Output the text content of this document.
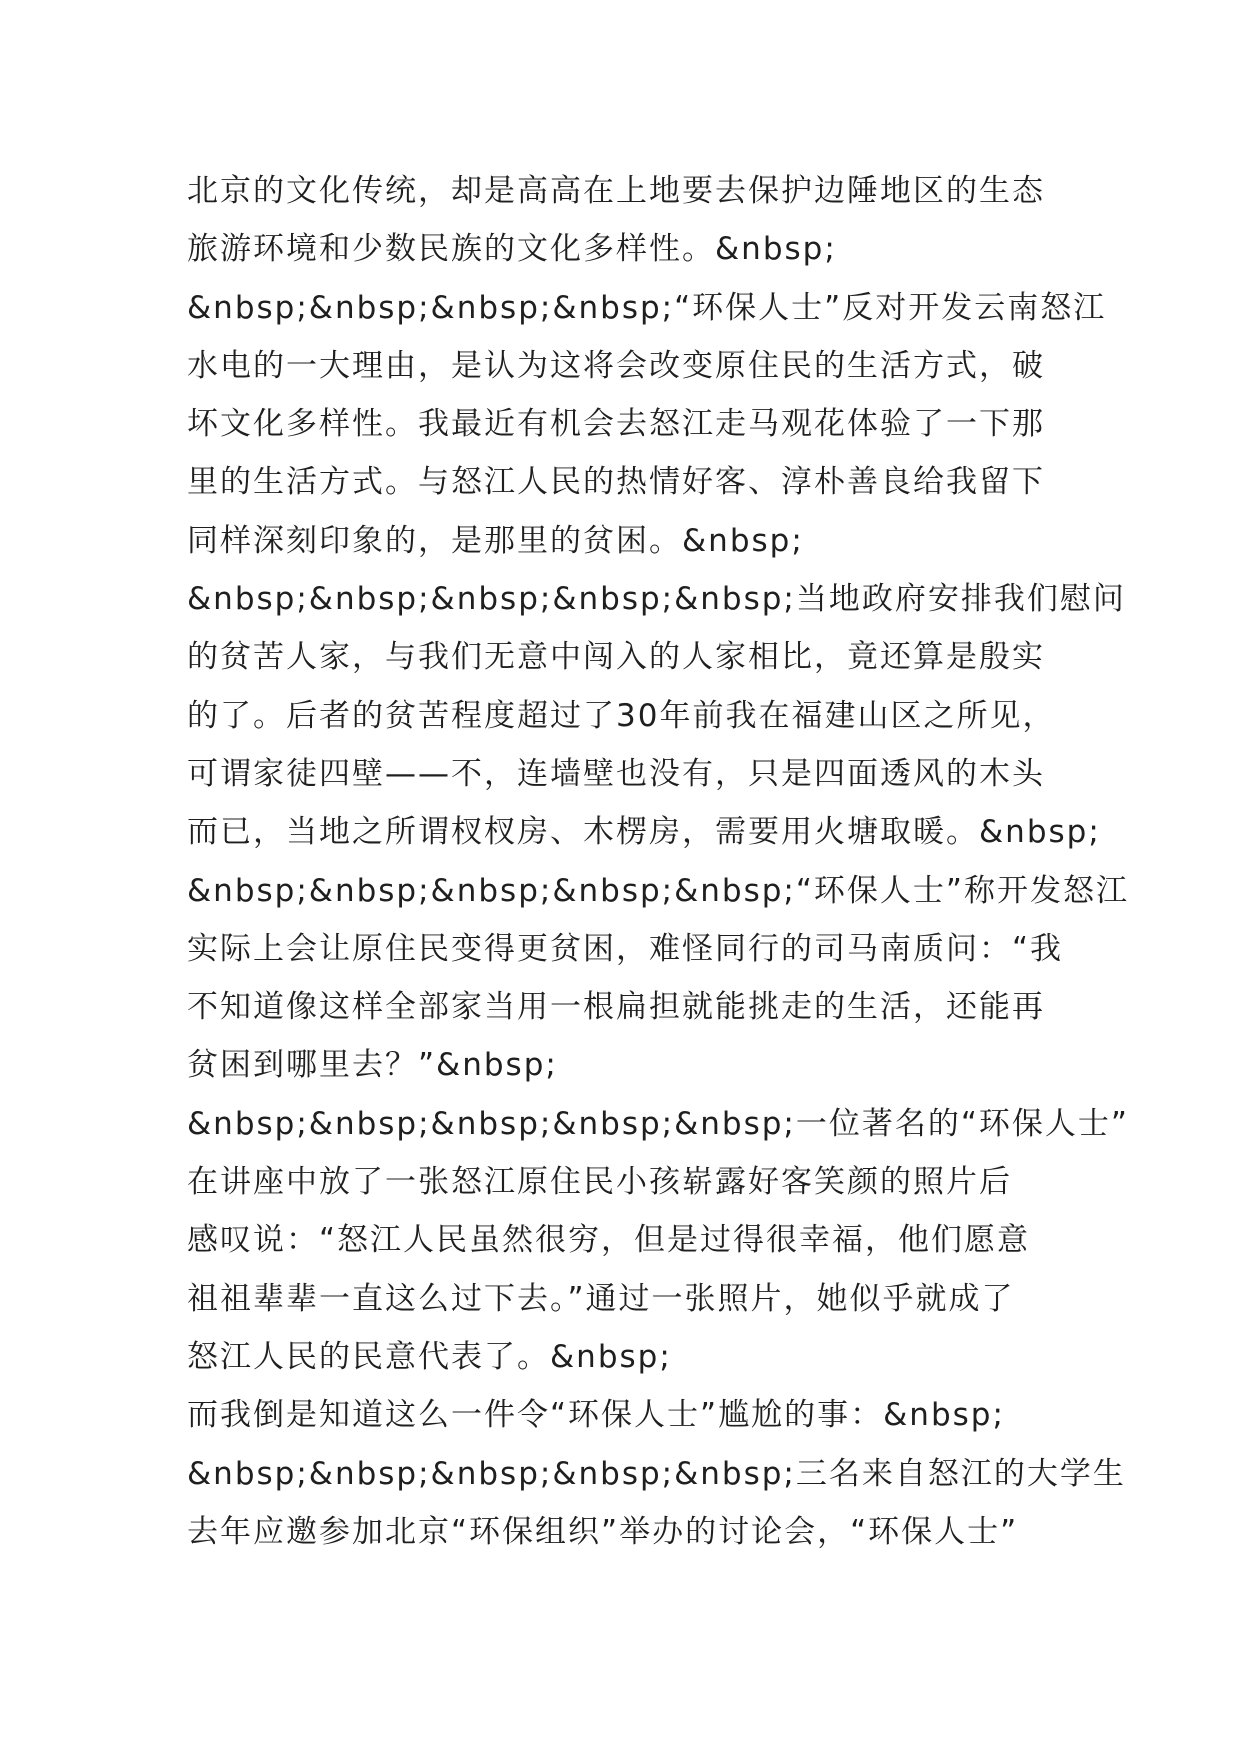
北京的文化传统，却是高高在上地要去保护边陲地区的生态
旅游环境和少数民族的文化多样性。&nbsp;
&nbsp;&nbsp;&nbsp;&nbsp;“环保人士”反对开发云南怒江
水电的一大理由，是认为这将会改变原住民的生活方式，破
坏文化多样性。我最近有机会去怒江走马观花体验了一下那
里的生活方式。与怒江人民的热情好客、淳朴善良给我留下
同样深刻印象的，是那里的贫困。&nbsp;
&nbsp;&nbsp;&nbsp;&nbsp;&nbsp;当地政府安排我们慰问
的贫苦人家，与我们无意中闯入的人家相比，竟还算是殷实
的了。后者的贫苦程度超过了30年前我在福建山区之所见，
可谓家徒四壁——不，连墙壁也没有，只是四面透风的木头
而已，当地之所谓杈杈房、木楞房，需要用火塘取暖。&nbsp;
&nbsp;&nbsp;&nbsp;&nbsp;&nbsp;“环保人士”称开发怒江
实际上会让原住民变得更贫困，难怪同行的司马南质问：“我
不知道像这样全部家当用一根扁担就能挑走的生活，还能再
贫困到哪里去？”&nbsp;
&nbsp;&nbsp;&nbsp;&nbsp;&nbsp;一位著名的“环保人士”
在讲座中放了一张怒江原住民小孩崭露好客笑颜的照片后
感叹说：“怒江人民虽然很穷，但是过得很幸福，他们愿意
祖祖辈辈一直这么过下去。”通过一张照片，她似乎就成了
怒江人民的民意代表了。&nbsp;
而我倒是知道这么一件令“环保人士”尴尬的事：&nbsp;
&nbsp;&nbsp;&nbsp;&nbsp;&nbsp;三名来自怒江的大学生
去年应邀参加北京“环保组织”举办的讨论会，“环保人士”
